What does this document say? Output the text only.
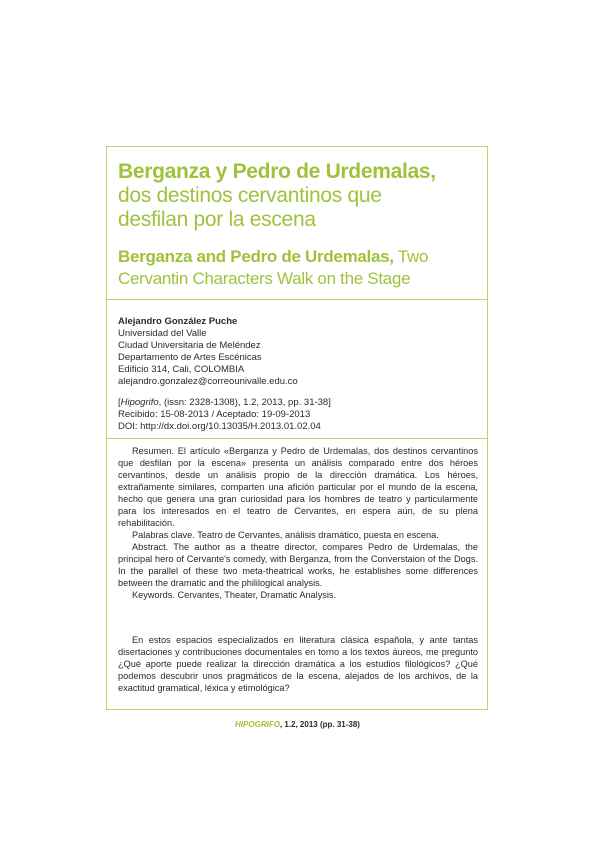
Berganza y Pedro de Urdemalas,
dos destinos cervantinos que
desfilan por la escena
Berganza and Pedro de Urdemalas, Two
Cervantin Characters Walk on the Stage
Alejandro González Puche
Universidad del Valle
Ciudad Universitaria de Meléndez
Departamento de Artes Escénicas
Edificio 314, Cali, COLOMBIA
alejandro.gonzalez@correounivalle.edu.co
[Hipogrifo, (issn: 2328-1308), 1.2, 2013, pp. 31-38]
Recibido: 15-08-2013 / Aceptado: 19-09-2013
DOI: http://dx.doi.org/10.13035/H.2013.01.02.04

Resumen. El artículo «Berganza y Pedro de Urdemalas, dos destinos cervantinos que desfilan por la escena» presenta un análisis comparado entre dos héroes cervantinos, desde un análisis propio de la dirección dramática. Los héroes, extrañamente similares, comparten una afición particular por el mundo de la escena, hecho que genera una gran curiosidad para los hombres de teatro y particularmente para los interesados en el teatro de Cervantes, en espera aún, de su plena rehabilitación.

Palabras clave. Teatro de Cervantes, análisis dramático, puesta en escena.

Abstract. The author as a theatre director, compares Pedro de Urdemalas, the principal hero of Cervante's comedy, with Berganza, from the Converstaion of the Dogs. In the parallel of these two meta-theatrical works, he establishes some differences between the dramatic and the phililogical analysis.

Keywords. Cervantes, Theater, Dramatic Analysis.

En estos espacios especializados en literatura clásica española, y ante tantas disertaciones y contribuciones documentales en torno a los textos áureos, me pregunto ¿Qué aporte puede realizar la dirección dramática a los estudios filológicos? ¿Qué podemos descubrir unos pragmáticos de la escena, alejados de los archivos, de la exactitud gramatical, léxica y etimológica?

HIPOGRIFO, 1.2, 2013 (pp. 31-38)
